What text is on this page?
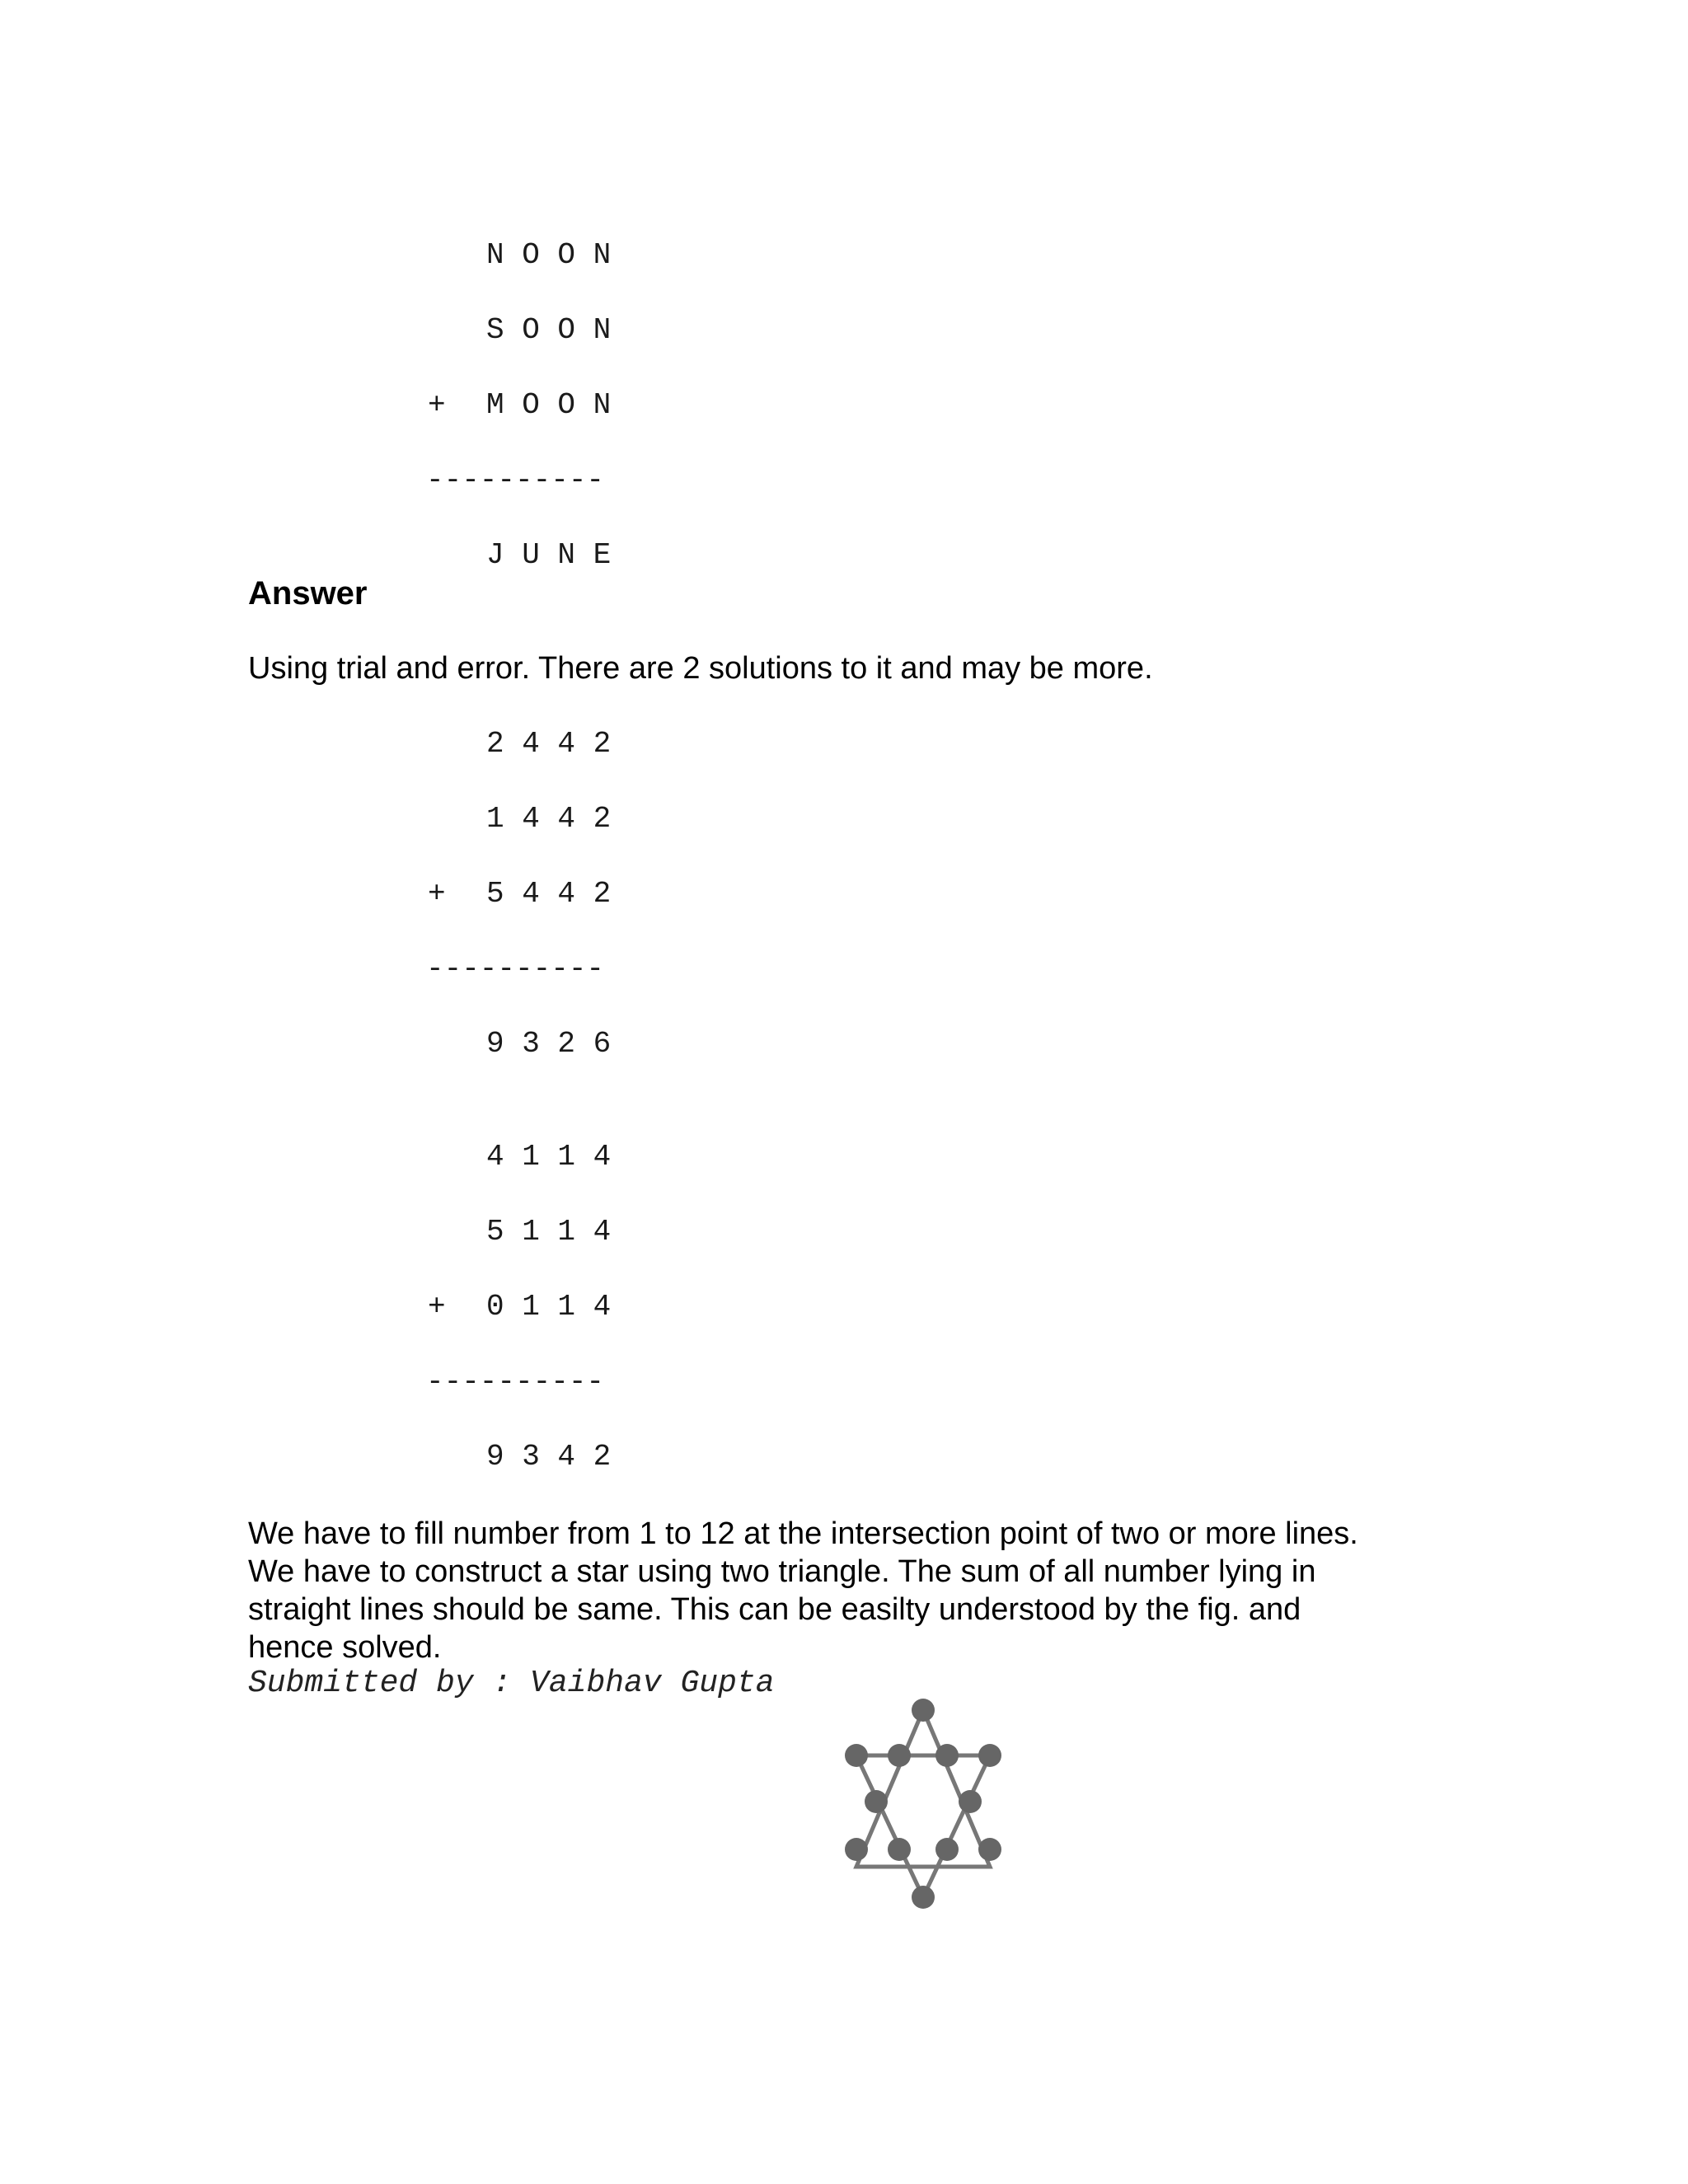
N O O N
S O O N
+ M O O N
----------
J U N E
Answer
Using trial and error. There are 2 solutions to it and may be more.
2 4 4 2
1 4 4 2
+ 5 4 4 2
----------
9 3 2 6
4 1 1 4
5 1 1 4
+ 0 1 1 4
----------
9 3 4 2
We have to fill number from 1 to 12 at the intersection point of two or more lines.
We have to construct a star using two triangle. The sum of all number lying in
straight lines should be same. This can be easilty understood by the fig. and
hence solved.
Submitted by : Vaibhav Gupta
